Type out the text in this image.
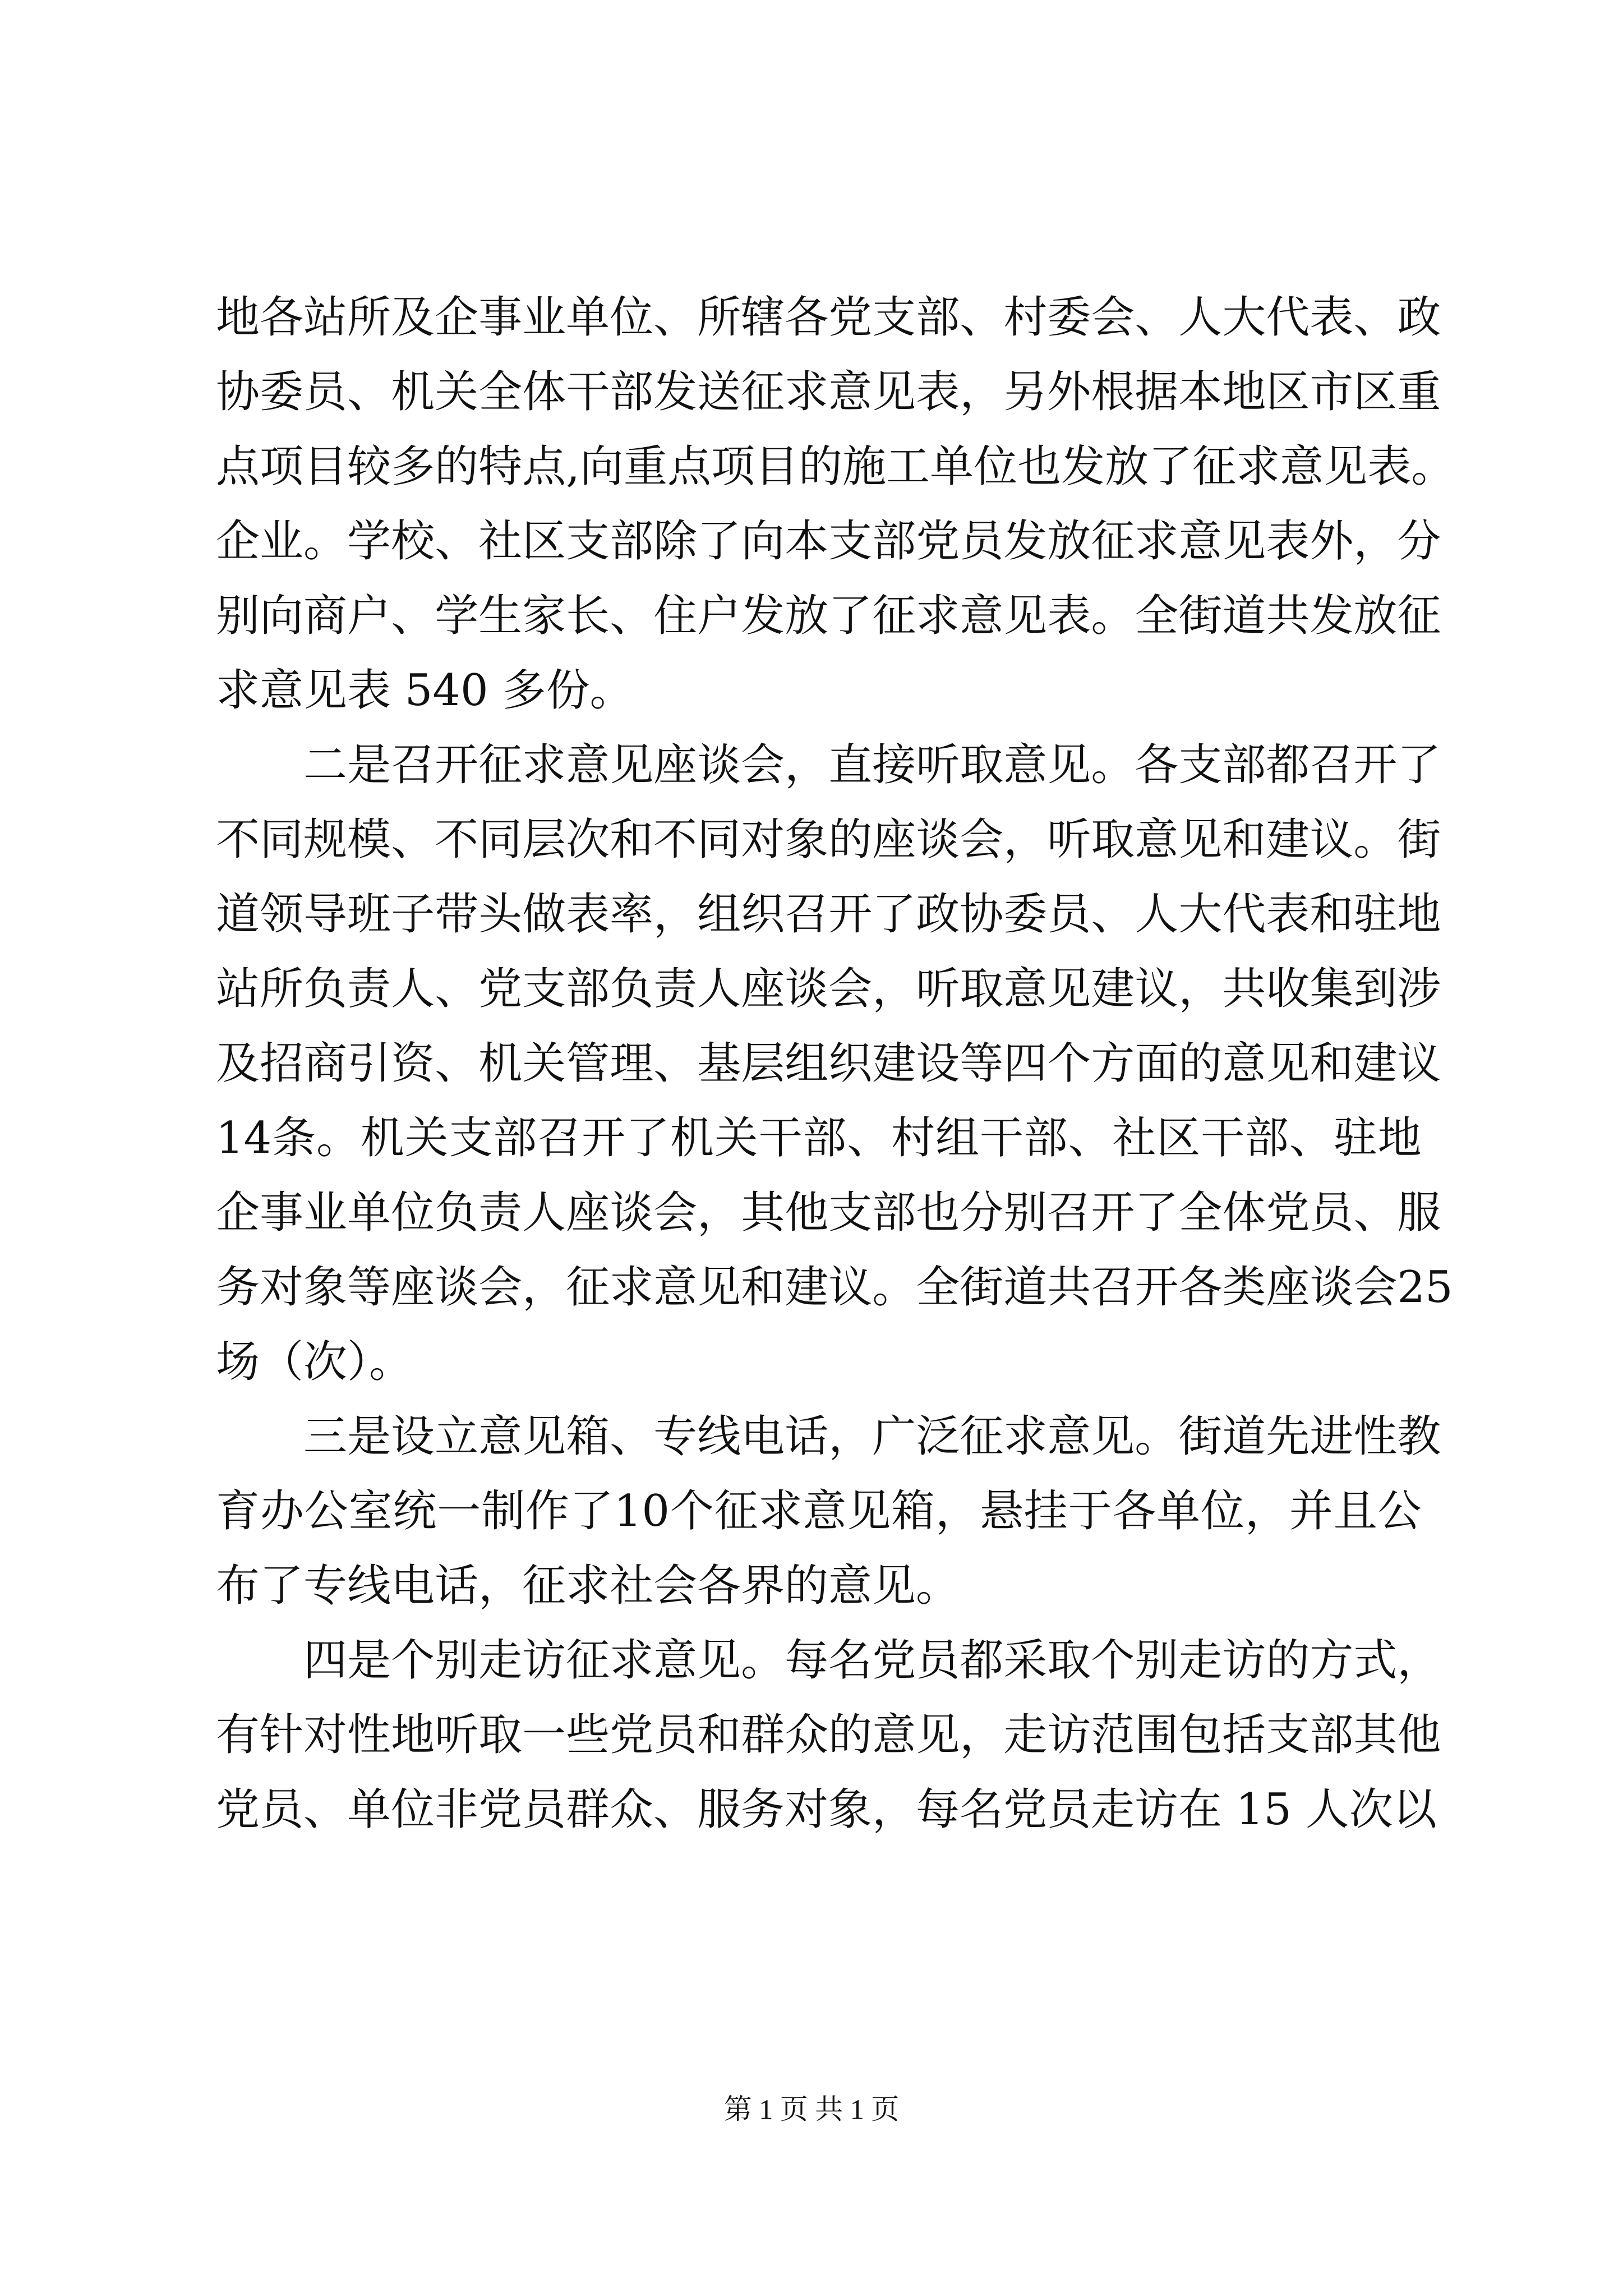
地 各 站 所 及 企 事 业 单 位 、 所 辖 各 党 支 部 、 村 委 会 、 人 大 代 表 、 政
协 委 员 、 机 关 全 体 干 部 发 送 征 求 意 见 表 ， 另 外 根 据 本 地 区 市 区 重
点 项 目 较 多 的 特 点 , 向 重 点 项 目 的 施 工 单 位 也 发 放 了 征 求 意 见 表 。
企 业 。 学 校 、 社 区 支 部 除 了 向 本 支 部 党 员 发 放 征 求 意 见 表 外 ， 分
别 向 商 户 、 学 生 家 长 、 住 户 发 放 了 征 求 意 见 表 。 全 街 道 共 发 放 征
求意见表 540 多份。
二 是 召 开 征 求 意 见 座 谈 会 ， 直 接 听 取 意 见 。 各 支 部 都 召 开 了
不 同 规 模 、 不 同 层 次 和 不 同 对 象 的 座 谈 会 ， 听 取 意 见 和 建 议 。 街
道 领 导 班 子 带 头 做 表 率 ， 组 织 召 开 了 政 协 委 员 、 人 大 代 表 和 驻 地
站 所 负 责 人 、 党 支 部 负 责 人 座 谈 会 ， 听 取 意 见 建 议 ， 共 收 集 到 涉
及 招 商 引 资 、 机 关 管 理 、 基 层 组 织 建 设 等 四 个 方 面 的 意 见 和 建 议
14 条 。 机 关 支 部 召 开 了 机 关 干 部 、 村 组 干 部 、 社 区 干 部 、 驻 地
企 事 业 单 位 负 责 人 座 谈 会 ， 其 他 支 部 也 分 别 召 开 了 全 体 党 员 、 服
务 对 象 等 座 谈 会 ， 征 求 意 见 和 建 议 。 全 街 道 共 召 开 各 类 座 谈 会 25
场（次）。
三 是 设 立 意 见 箱 、 专 线 电 话 ， 广 泛 征 求 意 见 。 街 道 先 进 性 教
育 办 公 室 统 一 制 作 了 10 个 征 求 意 见 箱 ， 悬 挂 于 各 单 位 ， 并 且 公
布了专线电话，征求社会各界的意见。
四 是 个 别 走 访 征 求 意 见 。 每 名 党 员 都 采 取 个 别 走 访 的 方 式 ，
有 针 对 性 地 听 取 一 些 党 员 和 群 众 的 意 见 ， 走 访 范 围 包 括 支 部 其 他
党员、单位非党员群众、服务对象，每名党员走访在 15 人次以
第 1 页 共 1 页
